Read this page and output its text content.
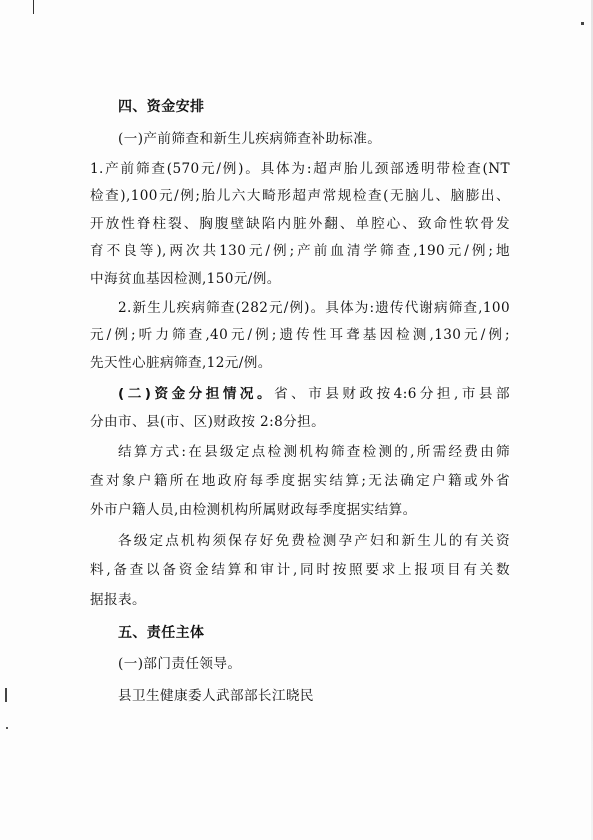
四、资金安排
(一)产前筛查和新生儿疾病筛查补助标准。
1.产前筛查(570元/例)。具体为:超声胎儿颈部透明带检查(NT
检查),100元/例;胎儿六大畸形超声常规检查(无脑儿、脑膨出、
开放性脊柱裂、胸腹壁缺陷内脏外翻、单腔心、致命性软骨发
育不良等),两次共130元/例;产前血清学筛查,190元/例;地
中海贫血基因检测,150元/例。
2.新生儿疾病筛查(282元/例)。具体为:遗传代谢病筛查,100
元/例;听力筛查,40元/例;遗传性耳聋基因检测,130元/例;
先天性心脏病筛查,12元/例。
(二)资金分担情况。省、市县财政按4:6分担,市县部
分由市、县(市、区)财政按 2:8分担。
结算方式:在县级定点检测机构筛查检测的,所需经费由筛
查对象户籍所在地政府每季度据实结算;无法确定户籍或外省
外市户籍人员,由检测机构所属财政每季度据实结算。
各级定点机构须保存好免费检测孕产妇和新生儿的有关资
料,备查以备资金结算和审计,同时按照要求上报项目有关数
据报表。
五、责任主体
(一)部门责任领导。
县卫生健康委人武部部长江晓民
